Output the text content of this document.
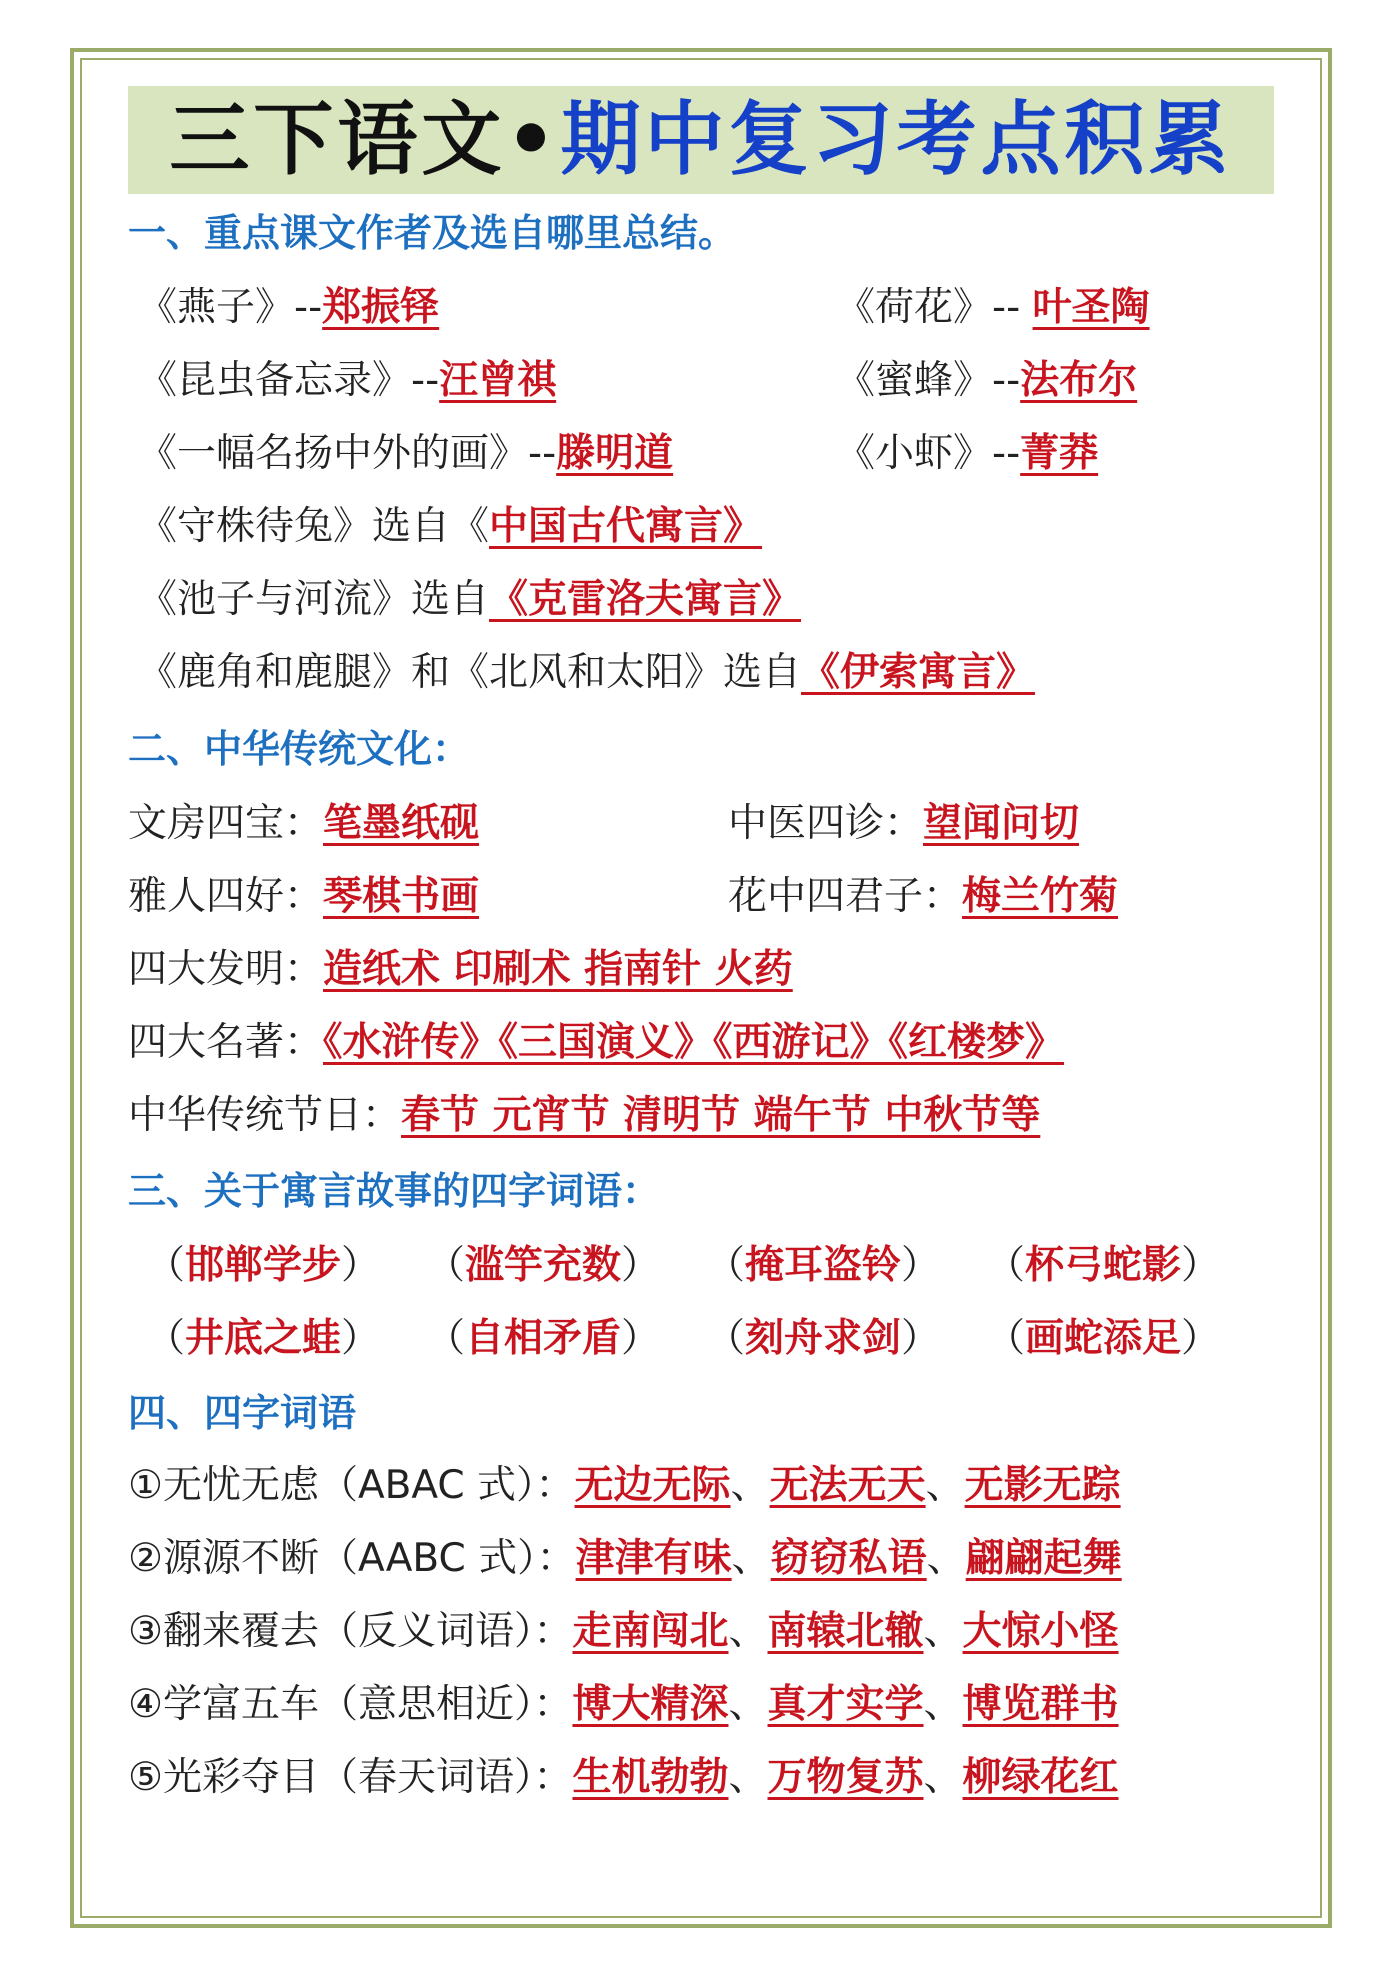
三下语文 • 期中复习考点积累
一、重点课文作者及选自哪里总结。
《燕子》--郑振铎	《荷花》-- 叶圣陶
《昆虫备忘录》--汪曾祺	《蜜蜂》--法布尔
《一幅名扬中外的画》--滕明道	《小虾》--菁莽
《守株待兔》选自《中国古代寓言》
《池子与河流》选自《克雷洛夫寓言》
《鹿角和鹿腿》和《北风和太阳》选自《伊索寓言》
二、中华传统文化：
文房四宝：笔墨纸砚	中医四诊：望闻问切
雅人四好：琴棋书画	花中四君子：梅兰竹菊
四大发明：造纸术 印刷术 指南针 火药
四大名著：《水浒传》《三国演义》《西游记》《红楼梦》
中华传统节日：春节 元宵节 清明节 端午节 中秋节等
三、关于寓言故事的四字词语：
（邯郸学步） （滥竽充数） （掩耳盗铃） （杯弓蛇影）
（井底之蛙） （自相矛盾） （刻舟求剑） （画蛇添足）
四、四字词语
①无忧无虑（ABAC 式）：无边无际、无法无天、无影无踪
②源源不断（AABC 式）：津津有味、窃窃私语、翩翩起舞
③翻来覆去（反义词语）：走南闯北、南辕北辙、大惊小怪
④学富五车（意思相近）：博大精深、真才实学、博览群书
⑤光彩夺目（春天词语）：生机勃勃、万物复苏、柳绿花红
